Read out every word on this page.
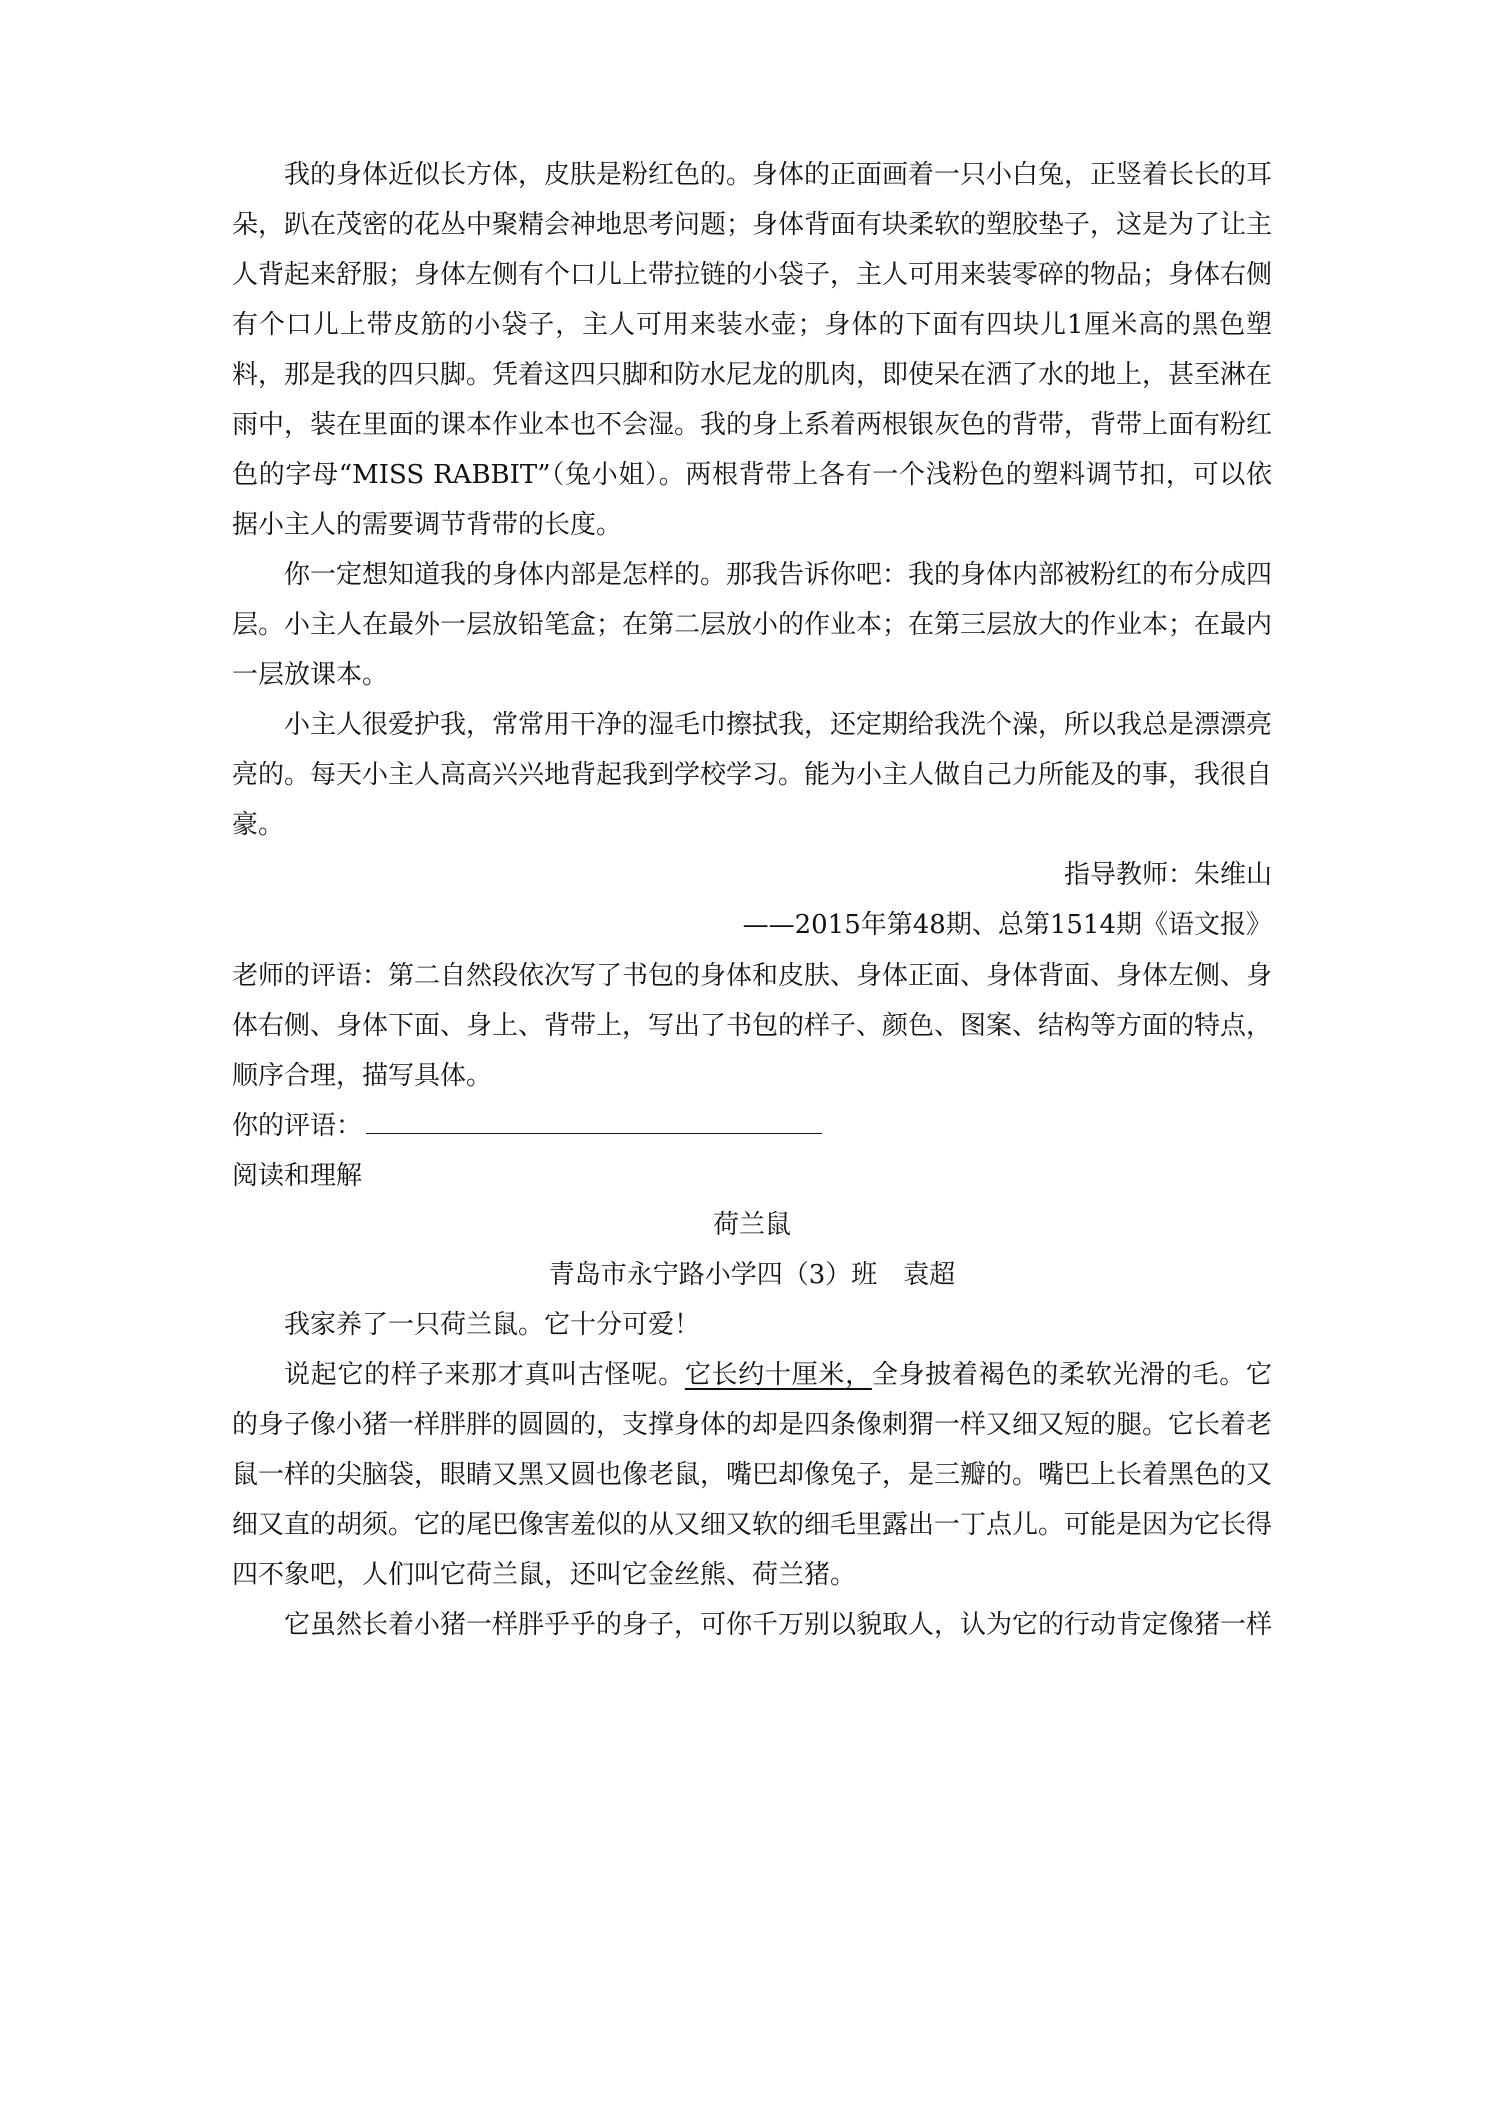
我的身体近似长方体，皮肤是粉红色的。身体的正面画着一只小白兔，正竖着长长的耳朵，趴在茂密的花丛中聚精会神地思考问题；身体背面有块柔软的塑胶垫子，这是为了让主人背起来舒服；身体左侧有个口儿上带拉链的小袋子，主人可用来装零碎的物品；身体右侧有个口儿上带皮筋的小袋子，主人可用来装水壶；身体的下面有四块儿1厘米高的黑色塑料，那是我的四只脚。凭着这四只脚和防水尼龙的肌肉，即使呆在洒了水的地上，甚至淋在雨中，装在里面的课本作业本也不会湿。我的身上系着两根银灰色的背带，背带上面有粉红色的字母“MISS RABBIT”（兔小姐）。两根背带上各有一个浅粉色的塑料调节扣，可以依据小主人的需要调节背带的长度。

你一定想知道我的身体内部是怎样的。那我告诉你吧：我的身体内部被粉红的布分成四层。小主人在最外一层放铅笔盒；在第二层放小的作业本；在第三层放大的作业本；在最内一层放课本。

小主人很爱护我，常常用干净的湿毛巾擦拭我，还定期给我洗个澡，所以我总是漂漂亮亮的。每天小主人高高兴兴地背起我到学校学习。能为小主人做自己力所能及的事，我很自豪。

指导教师：朱维山
——2015年第48期、总第1514期《语文报》
老师的评语：第二自然段依次写了书包的身体和皮肤、身体正面、身体背面、身体左侧、身体右侧、身体下面、身上、背带上，写出了书包的样子、颜色、图案、结构等方面的特点，顺序合理，描写具体。
你的评语：
阅读和理解
荷兰鼠
青岛市永宁路小学四（3）班　袁超

我家养了一只荷兰鼠。它十分可爱！

说起它的样子来那才真叫古怪呢。它长约十厘米，全身披着褐色的柔软光滑的毛。它的身子像小猪一样胖胖的圆圆的，支撑身体的却是四条像刺猬一样又细又短的腿。它长着老鼠一样的尖脑袋，眼睛又黑又圆也像老鼠，嘴巴却像兔子，是三瓣的。嘴巴上长着黑色的又细又直的胡须。它的尾巴像害羞似的从又细又软的细毛里露出一丁点儿。可能是因为它长得四不象吧，人们叫它荷兰鼠，还叫它金丝熊、荷兰猪。

它虽然长着小猪一样胖乎乎的身子，可你千万别以貌取人，认为它的行动肯定像猪一样
